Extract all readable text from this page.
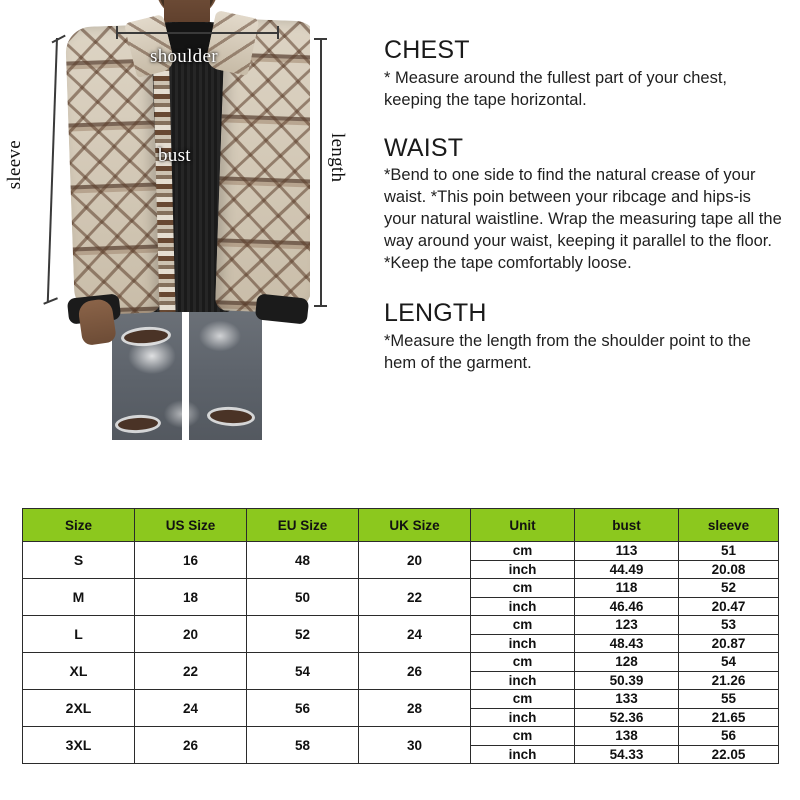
shoulder
bust
sleeve	length
CHEST

* Measure around the fullest part of your chest, keeping the tape horizontal.

WAIST

*Bend to one side to find the natural crease of your waist. *This poin between your ribcage and hips-is your natural waistline. Wrap the measuring tape all the way around your waist, keeping it parallel to the floor. *Keep the tape comfortably loose.

LENGTH

*Measure the length from the shoulder point to the hem of the garment.

Size	US Size	EU Size	UK Size	Unit	bust	sleeve
S	16	48	20	cm	113	51
				inch	44.49	20.08
M	18	50	22	cm	118	52
				inch	46.46	20.47
L	20	52	24	cm	123	53
				inch	48.43	20.87
XL	22	54	26	cm	128	54
				inch	50.39	21.26
2XL	24	56	28	cm	133	55
				inch	52.36	21.65
3XL	26	58	30	cm	138	56
				inch	54.33	22.05
